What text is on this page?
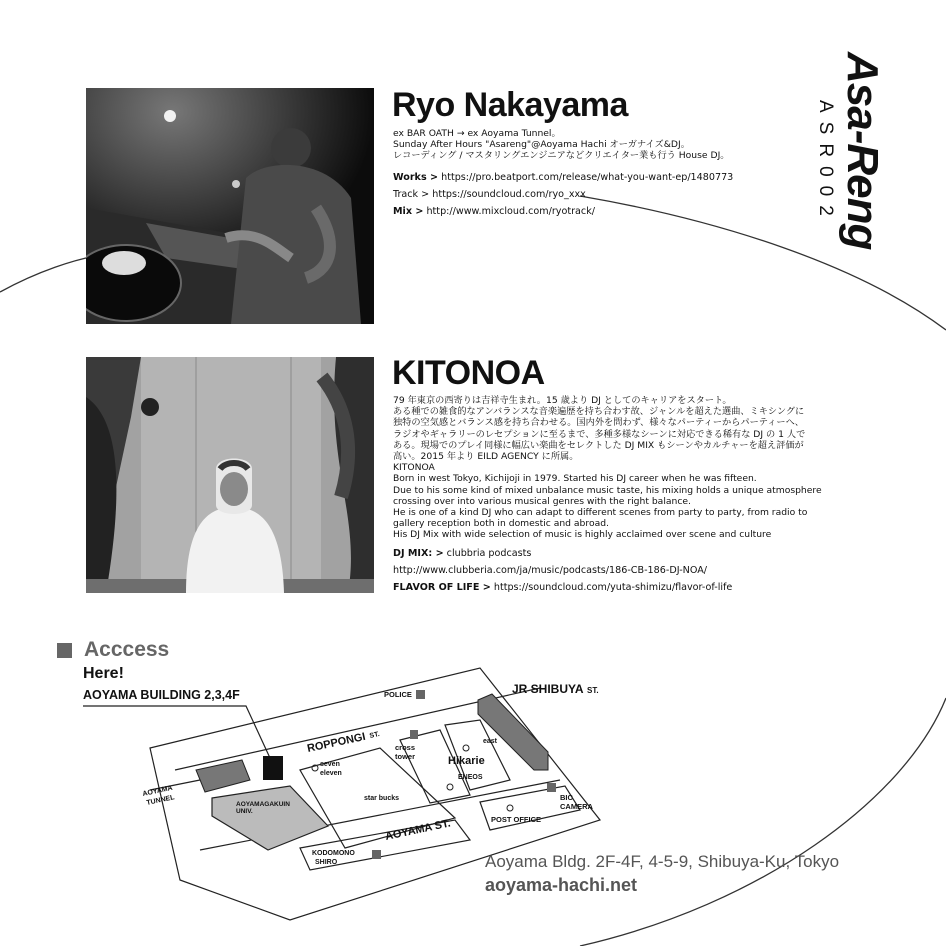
Asa-Reng
ASR002
Ryo Nakayama
ex BAR OATH → ex Aoyama Tunnel。
Sunday After Hours "Asareng"@Aoyama Hachi オーガナイズ&DJ。
レコーディング / マスタリングエンジニアなどクリエイター業も行う House DJ。
Works > https://pro.beatport.com/release/what-you-want-ep/1480773
Track > https://soundcloud.com/ryo_xxx
Mix > http://www.mixcloud.com/ryotrack/
KITONOA
79 年東京の西寄りは吉祥寺生まれ。15 歳より DJ としてのキャリアをスタート。
ある種での雑食的なアンバランスな音楽遍歴を持ち合わす故、ジャンルを超えた選曲、ミキシングに
独特の空気感とバランス感を持ち合わせる。国内外を問わず、様々なパーティーからパーティーへ、
ラジオやギャラリーのレセプションに至るまで、多種多様なシーンに対応できる稀有な DJ の 1 人で
ある。現場でのプレイ同様に幅広い楽曲をセレクトした DJ MIX もシーンやカルチャーを超え評価が
高い。2015 年より EILD AGENCY に所属。
KITONOA
Born in west Tokyo, Kichijoji in 1979. Started his DJ career when he was fifteen.
Due to his some kind of mixed unbalance music taste, his mixing holds a unique atmosphere
crossing over into various musical genres with the right balance.
He is one of a kind DJ who can adapt to different scenes from party to party, from radio to
gallery reception both in domestic and abroad.
His DJ Mix with wide selection of music is highly acclaimed over scene and culture
DJ MIX: > clubbria podcasts
http://www.clubberia.com/ja/music/podcasts/186-CB-186-DJ-NOA/
FLAVOR OF LIFE > https://soundcloud.com/yuta-shimizu/flavor-of-life
Acccess
Here!
AOYAMA BUILDING 2,3,4F	JR SHIBUYA ST.
POLICE
ROPPONGI ST.
cross
tower	Hikarie
east
ENEOS
seven
eleven
star bucks
AOYAMA ST.	POST OFFICE
BIC
CAMERA
AOYAMA
TUNNEL	AOYAMAGAKUIN
UNIV.
KODOMONO
SHIRO	Aoyama Bldg. 2F-4F, 4-5-9, Shibuya-Ku, Tokyo
aoyama-hachi.net
